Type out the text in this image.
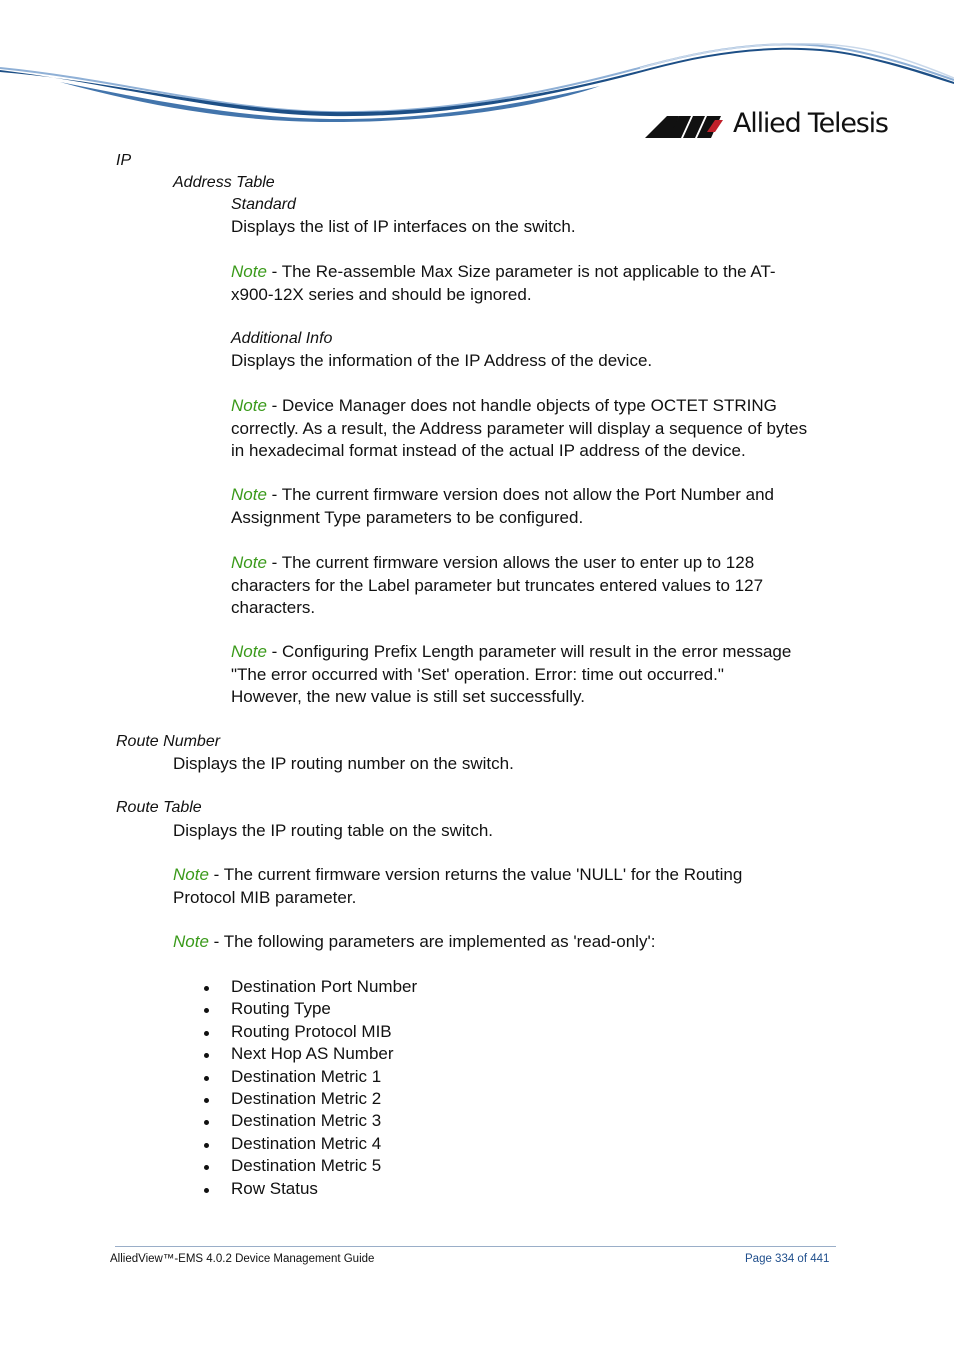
Allied Telesis
IP
Address Table
Standard
Displays the list of IP interfaces on the switch.
Note - The Re-assemble Max Size parameter is not applicable to the AT-
x900-12X series and should be ignored.
Additional Info
Displays the information of the IP Address of the device.
Note - Device Manager does not handle objects of type OCTET STRING
correctly. As a result, the Address parameter will display a sequence of bytes
in hexadecimal format instead of the actual IP address of the device.
Note - The current firmware version does not allow the Port Number and
Assignment Type parameters to be configured.
Note - The current firmware version allows the user to enter up to 128
characters for the Label parameter but truncates entered values to 127
characters.
Note - Configuring Prefix Length parameter will result in the error message
"The error occurred with 'Set' operation. Error: time out occurred."
However, the new value is still set successfully.
Route Number
Displays the IP routing number on the switch.
Route Table
Displays the IP routing table on the switch.
Note - The current firmware version returns the value 'NULL' for the Routing
Protocol MIB parameter.
Note - The following parameters are implemented as 'read-only':
Destination Port Number
Routing Type
Routing Protocol MIB
Next Hop AS Number
Destination Metric 1
Destination Metric 2
Destination Metric 3
Destination Metric 4
Destination Metric 5
Row Status
AlliedView™-EMS 4.0.2 Device Management Guide	Page 334 of 441
